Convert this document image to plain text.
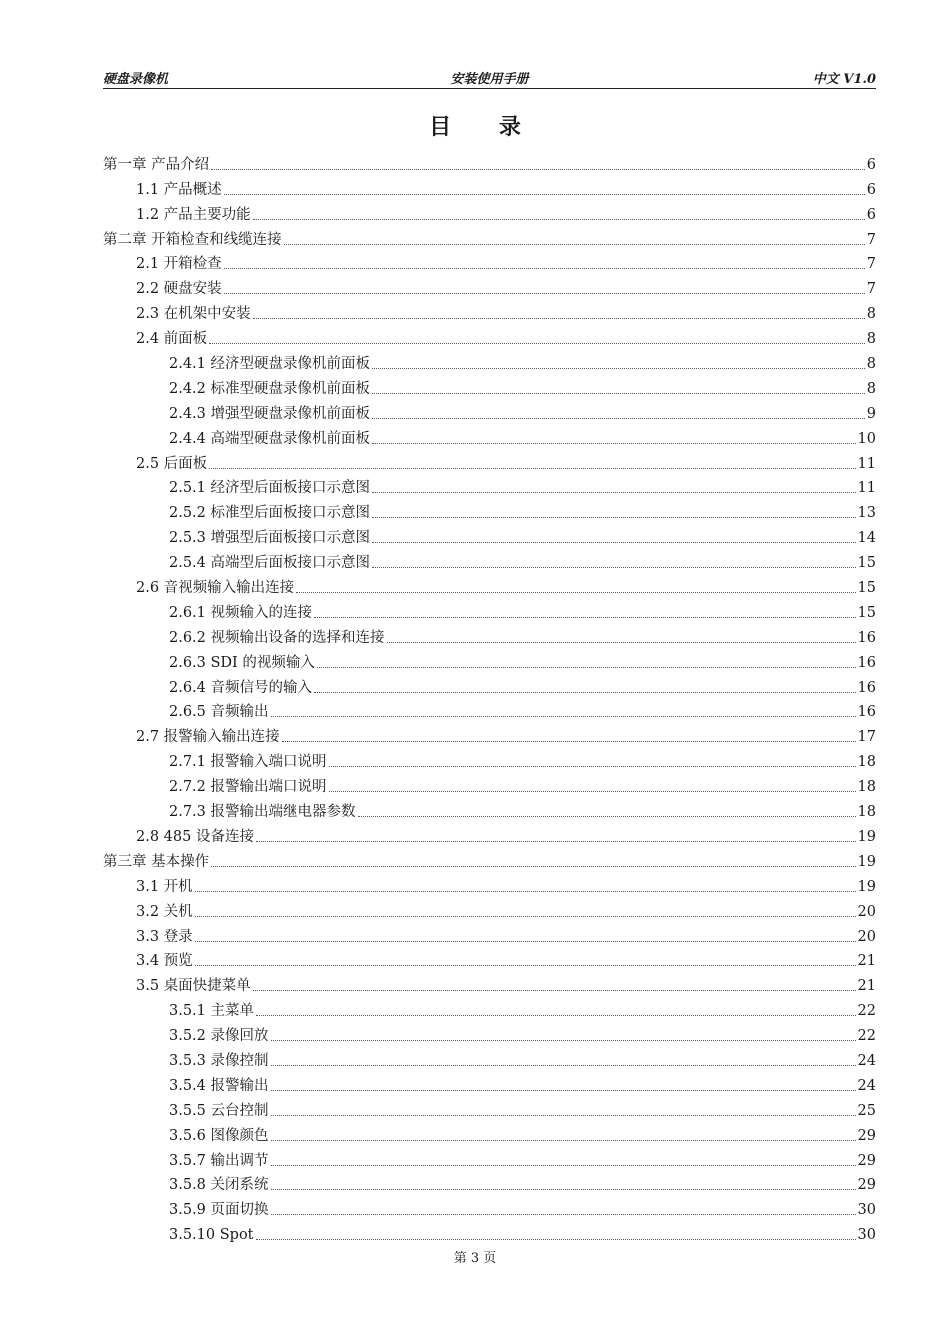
硬盘录像机	安装使用手册	中文 V1.0
目 录
第一章 产品介绍	6
1.1 产品概述	6
1.2 产品主要功能	6
第二章 开箱检查和线缆连接	7
2.1 开箱检查	7
2.2 硬盘安装	7
2.3 在机架中安装	8
2.4 前面板	8
2.4.1 经济型硬盘录像机前面板	8
2.4.2 标准型硬盘录像机前面板	8
2.4.3 增强型硬盘录像机前面板	9
2.4.4 高端型硬盘录像机前面板	10
2.5 后面板	11
2.5.1 经济型后面板接口示意图	11
2.5.2 标准型后面板接口示意图	13
2.5.3 增强型后面板接口示意图	14
2.5.4 高端型后面板接口示意图	15
2.6 音视频输入输出连接	15
2.6.1 视频输入的连接	15
2.6.2 视频输出设备的选择和连接	16
2.6.3 SDI 的视频输入	16
2.6.4 音频信号的输入	16
2.6.5 音频输出	16
2.7 报警输入输出连接	17
2.7.1 报警输入端口说明	18
2.7.2 报警输出端口说明	18
2.7.3 报警输出端继电器参数	18
2.8 485 设备连接	19
第三章 基本操作	19
3.1 开机	19
3.2 关机	20
3.3 登录	20
3.4 预览	21
3.5 桌面快捷菜单	21
3.5.1 主菜单	22
3.5.2 录像回放	22
3.5.3 录像控制	24
3.5.4 报警输出	24
3.5.5 云台控制	25
3.5.6 图像颜色	29
3.5.7 输出调节	29
3.5.8 关闭系统	29
3.5.9 页面切换	30
3.5.10 Spot	30
第 3 页
